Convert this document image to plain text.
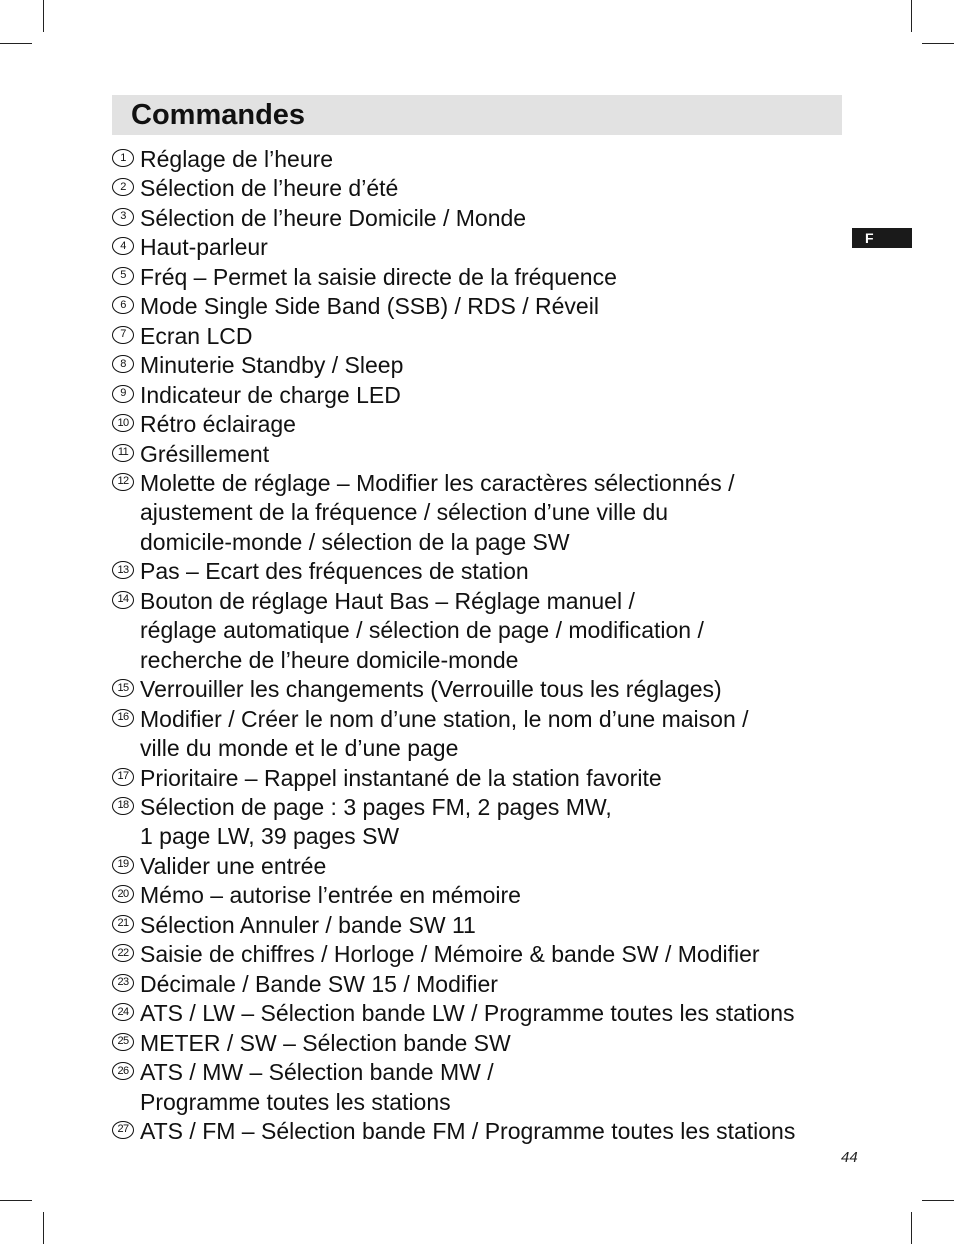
Commandes
F
1 Réglage de l’heure
2 Sélection de l’heure d’été
3 Sélection de l’heure Domicile / Monde
4 Haut-parleur
5 Fréq – Permet la saisie directe de la fréquence
6 Mode Single Side Band (SSB) / RDS / Réveil
7 Ecran LCD
8 Minuterie Standby / Sleep
9 Indicateur de charge LED
10 Rétro éclairage
11 Grésillement
12 Molette de réglage – Modifier les caractères sélectionnés /
ajustement de la fréquence / sélection d’une ville du
domicile-monde / sélection de la page SW
13 Pas – Ecart des fréquences de station
14 Bouton de réglage Haut Bas – Réglage manuel /
réglage automatique / sélection de page / modification /
recherche de l’heure domicile-monde
15 Verrouiller les changements (Verrouille tous les réglages)
16 Modifier / Créer le nom d’une station, le nom d’une maison /
ville du monde et le d’une page
17 Prioritaire – Rappel instantané de la station favorite
18 Sélection de page : 3 pages FM, 2 pages MW,
1 page LW, 39 pages SW
19 Valider une entrée
20 Mémo – autorise l’entrée en mémoire
21 Sélection Annuler / bande SW 11
22 Saisie de chiffres / Horloge / Mémoire & bande SW / Modifier
23 Décimale / Bande SW 15 / Modifier
24 ATS / LW – Sélection bande LW / Programme toutes les stations
25 METER / SW – Sélection bande SW
26 ATS / MW – Sélection bande MW /
Programme toutes les stations
27 ATS / FM – Sélection bande FM / Programme toutes les stations
44
